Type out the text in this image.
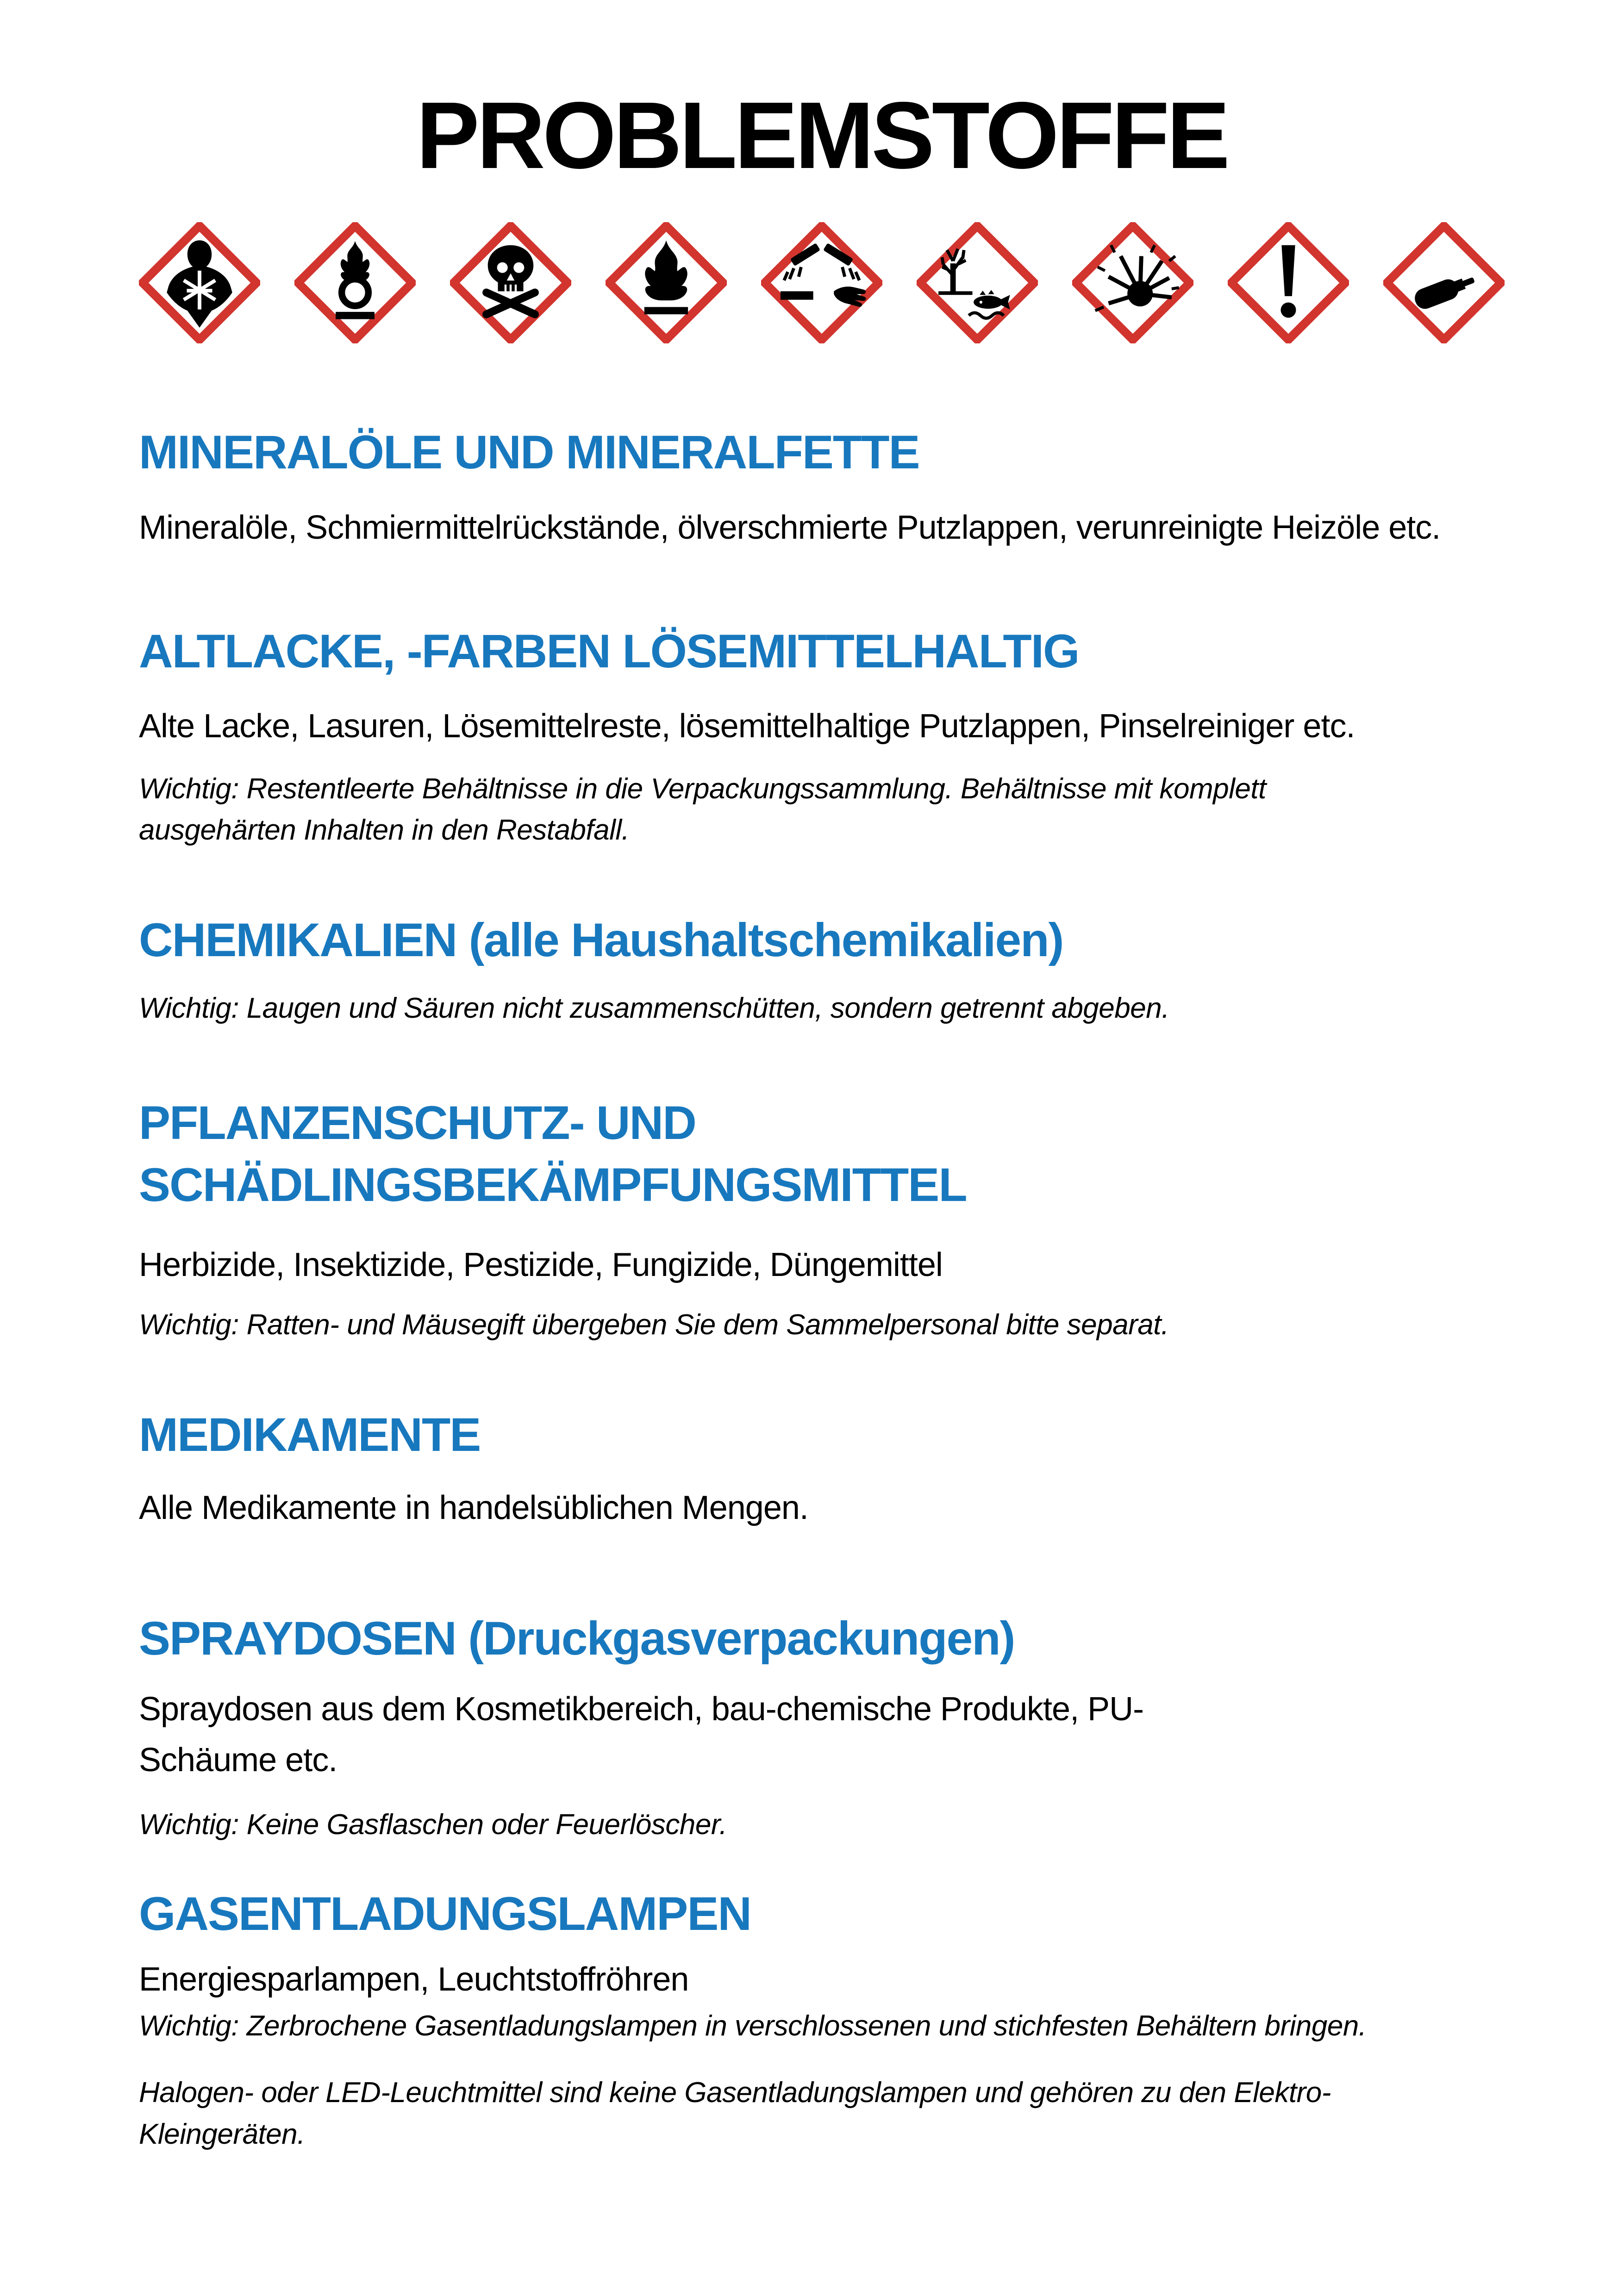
PROBLEMSTOFFE
MINERALÖLE UND MINERALFETTE

Mineralöle, Schmiermittelrückstände, ölverschmierte Putzlappen, verunreinigte Heizöle etc.

ALTLACKE, -FARBEN LÖSEMITTELHALTIG

Alte Lacke, Lasuren, Lösemittelreste, lösemittelhaltige Putzlappen, Pinselreiniger etc.

Wichtig: Restentleerte Behältnisse in die Verpackungssammlung. Behältnisse mit komplett ausgehärten Inhalten in den Restabfall.

CHEMIKALIEN (alle Haushaltschemikalien)

Wichtig: Laugen und Säuren nicht zusammenschütten, sondern getrennt abgeben.

PFLANZENSCHUTZ- UND SCHÄDLINGSBEKÄMPFUNGSMITTEL

Herbizide, Insektizide, Pestizide, Fungizide, Düngemittel

Wichtig: Ratten- und Mäusegift übergeben Sie dem Sammelpersonal bitte separat.

MEDIKAMENTE

Alle Medikamente in handelsüblichen Mengen.

SPRAYDOSEN (Druckgasverpackungen)

Spraydosen aus dem Kosmetikbereich, bau-chemische Produkte, PU-Schäume etc.

Wichtig: Keine Gasflaschen oder Feuerlöscher.

GASENTLADUNGSLAMPEN

Energiesparlampen, Leuchtstoffröhren

Wichtig: Zerbrochene Gasentladungslampen in verschlossenen und stichfesten Behältern bringen.

Halogen- oder LED-Leuchtmittel sind keine Gasentladungslampen und gehören zu den Elektro-Kleingeräten.
